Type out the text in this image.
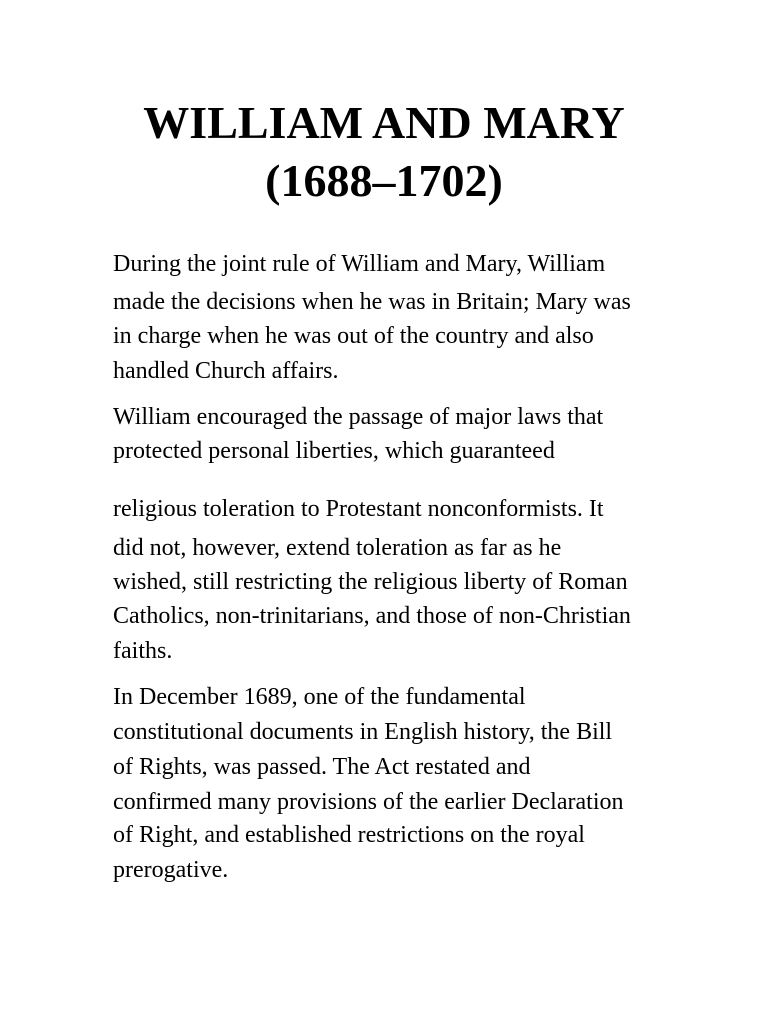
WILLIAM AND MARY
(1688–1702)

During the joint rule of William and Mary, William

made the decisions when he was in Britain; Mary was

in charge when he was out of the country and also

handled Church affairs.

William encouraged the passage of major laws that

protected personal liberties, which guaranteed

religious toleration to Protestant nonconformists. It

did not, however, extend toleration as far as he

wished, still restricting the religious liberty of Roman

Catholics, non-trinitarians, and those of non-Christian

faiths.

In December 1689, one of the fundamental

constitutional documents in English history, the Bill

of Rights, was passed. The Act restated and

confirmed many provisions of the earlier Declaration

of Right, and established restrictions on the royal

prerogative.
